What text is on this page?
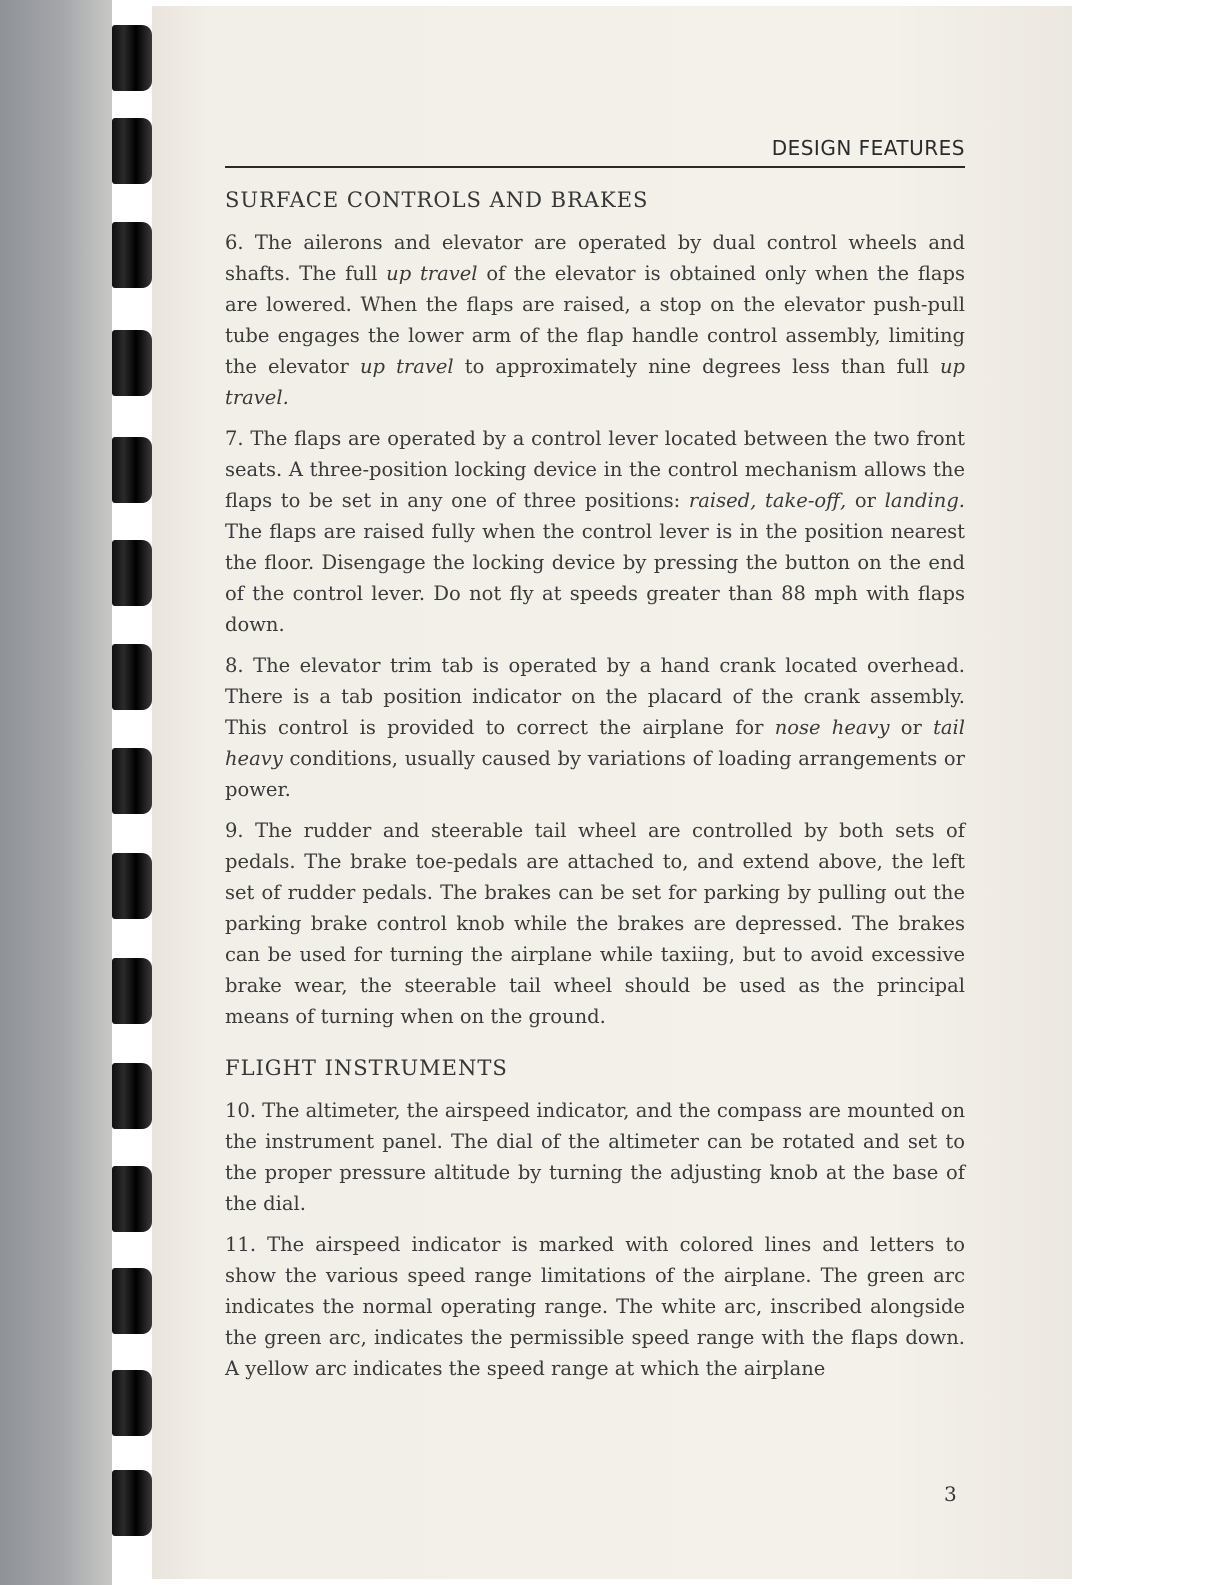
DESIGN FEATURES
SURFACE CONTROLS AND BRAKES

6. The ailerons and elevator are operated by dual control wheels and shafts. The full up travel of the elevator is obtained only when the flaps are lowered. When the flaps are raised, a stop on the elevator push-pull tube engages the lower arm of the flap handle control assembly, limiting the elevator up travel to approximately nine degrees less than full up travel.

7. The flaps are operated by a control lever located between the two front seats. A three-position locking device in the control mechanism allows the flaps to be set in any one of three positions: raised, take-off, or landing. The flaps are raised fully when the control lever is in the position nearest the floor. Disengage the locking device by pressing the button on the end of the control lever. Do not fly at speeds greater than 88 mph with flaps down.

8. The elevator trim tab is operated by a hand crank located overhead. There is a tab position indicator on the placard of the crank assembly. This control is provided to correct the airplane for nose heavy or tail heavy conditions, usually caused by variations of loading arrangements or power.

9. The rudder and steerable tail wheel are controlled by both sets of pedals. The brake toe-pedals are attached to, and extend above, the left set of rudder pedals. The brakes can be set for parking by pulling out the parking brake control knob while the brakes are depressed. The brakes can be used for turning the airplane while taxiing, but to avoid excessive brake wear, the steerable tail wheel should be used as the principal means of turning when on the ground.

FLIGHT INSTRUMENTS

10. The altimeter, the airspeed indicator, and the compass are mounted on the instrument panel. The dial of the altimeter can be rotated and set to the proper pressure altitude by turning the adjusting knob at the base of the dial.

11. The airspeed indicator is marked with colored lines and letters to show the various speed range limitations of the airplane. The green arc indicates the normal operating range. The white arc, inscribed alongside the green arc, indicates the permissible speed range with the flaps down. A yellow arc indicates the speed range at which the airplane

3
